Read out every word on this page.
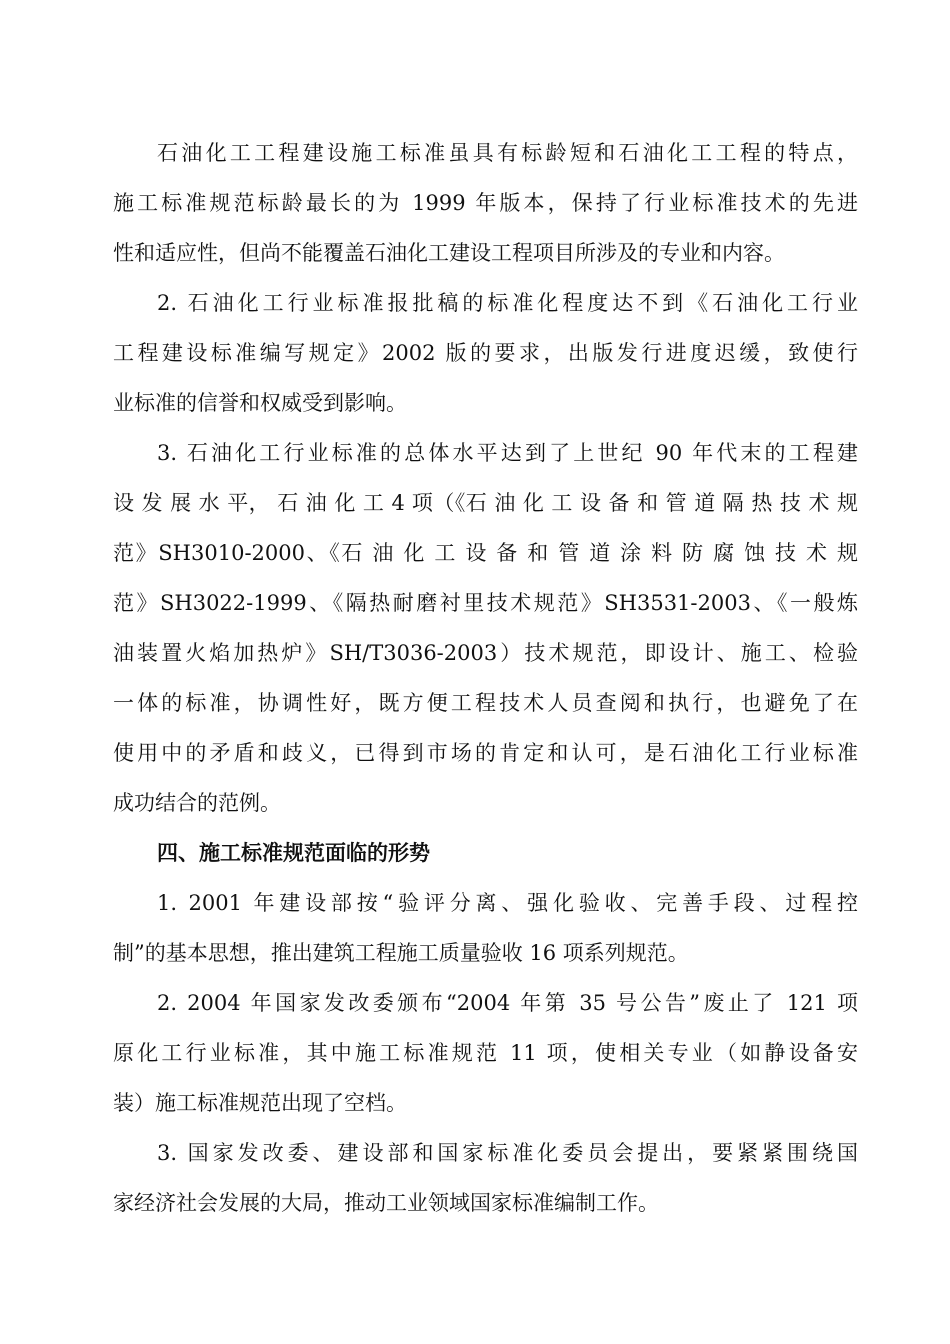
石油化工工程建设施工标准虽具有标龄短和石油化工工程的特点，
施工标准规范标龄最长的为 1999 年版本，保持了行业标准技术的先进
性和适应性，但尚不能覆盖石油化工建设工程项目所涉及的专业和内容。
2. 石油化工行业标准报批稿的标准化程度达不到《石油化工行业
工程建设标准编写规定》2002 版的要求，出版发行进度迟缓，致使行
业标准的信誉和权威受到影响。
3. 石油化工行业标准的总体水平达到了上世纪 90 年代末的工程建
设 发 展 水 平， 石 油 化 工 4 项（《石 油 化 工 设 备 和 管 道 隔 热 技 术 规
范》SH3010-2000、《石 油 化 工 设 备 和 管 道 涂 料 防 腐 蚀 技 术 规
范》SH3022-1999、《隔热耐磨衬里技术规范》SH3531-2003、《一般炼
油装置火焰加热炉》SH/T3036-2003）技术规范，即设计、施工、检验
一体的标准，协调性好，既方便工程技术人员查阅和执行，也避免了在
使用中的矛盾和歧义，已得到市场的肯定和认可，是石油化工行业标准
成功结合的范例。
四、施工标准规范面临的形势
1. 2001 年建设部按“验评分离、强化验收、完善手段、过程控
制”的基本思想，推出建筑工程施工质量验收 16 项系列规范。
2. 2004 年国家发改委颁布“2004 年第 35 号公告”废止了 121 项
原化工行业标准，其中施工标准规范 11 项，使相关专业（如静设备安
装）施工标准规范出现了空档。
3. 国家发改委、建设部和国家标准化委员会提出，要紧紧围绕国
家经济社会发展的大局，推动工业领域国家标准编制工作。
